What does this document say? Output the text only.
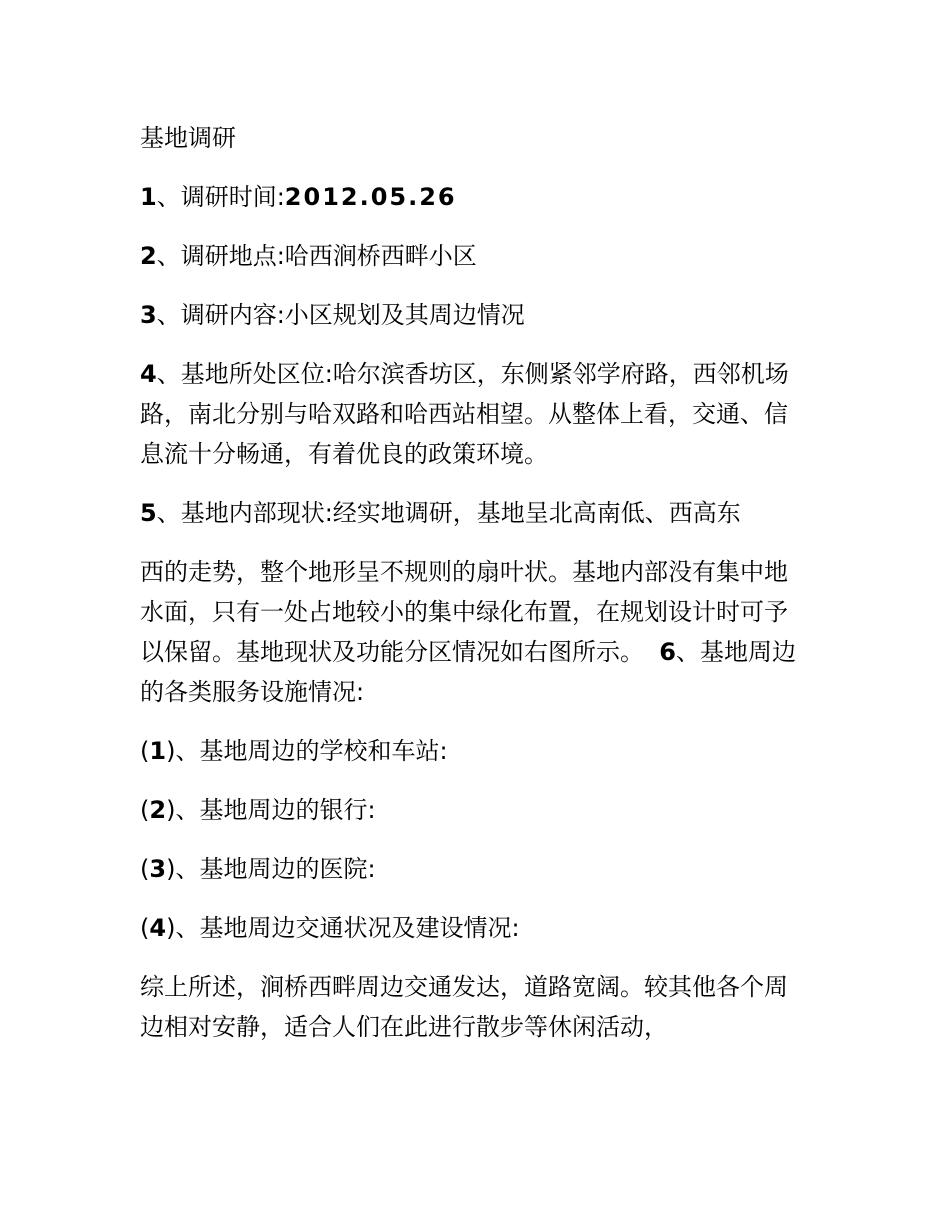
基地调研

1、调研时间:2012.05.26

2、调研地点:哈西涧桥西畔小区

3、调研内容:小区规划及其周边情况

4、基地所处区位:哈尔滨香坊区，东侧紧邻学府路，西邻机场路，南北分别与哈双路和哈西站相望。从整体上看，交通、信息流十分畅通，有着优良的政策环境。

5、基地内部现状:经实地调研，基地呈北高南低、西高东

西的走势，整个地形呈不规则的扇叶状。基地内部没有集中地水面，只有一处占地较小的集中绿化布置，在规划设计时可予以保留。基地现状及功能分区情况如右图所示。 6、基地周边的各类服务设施情况:

(1)、基地周边的学校和车站:

(2)、基地周边的银行:

(3)、基地周边的医院:

(4)、基地周边交通状况及建设情况:

综上所述，涧桥西畔周边交通发达，道路宽阔。较其他各个周边相对安静，适合人们在此进行散步等休闲活动，
